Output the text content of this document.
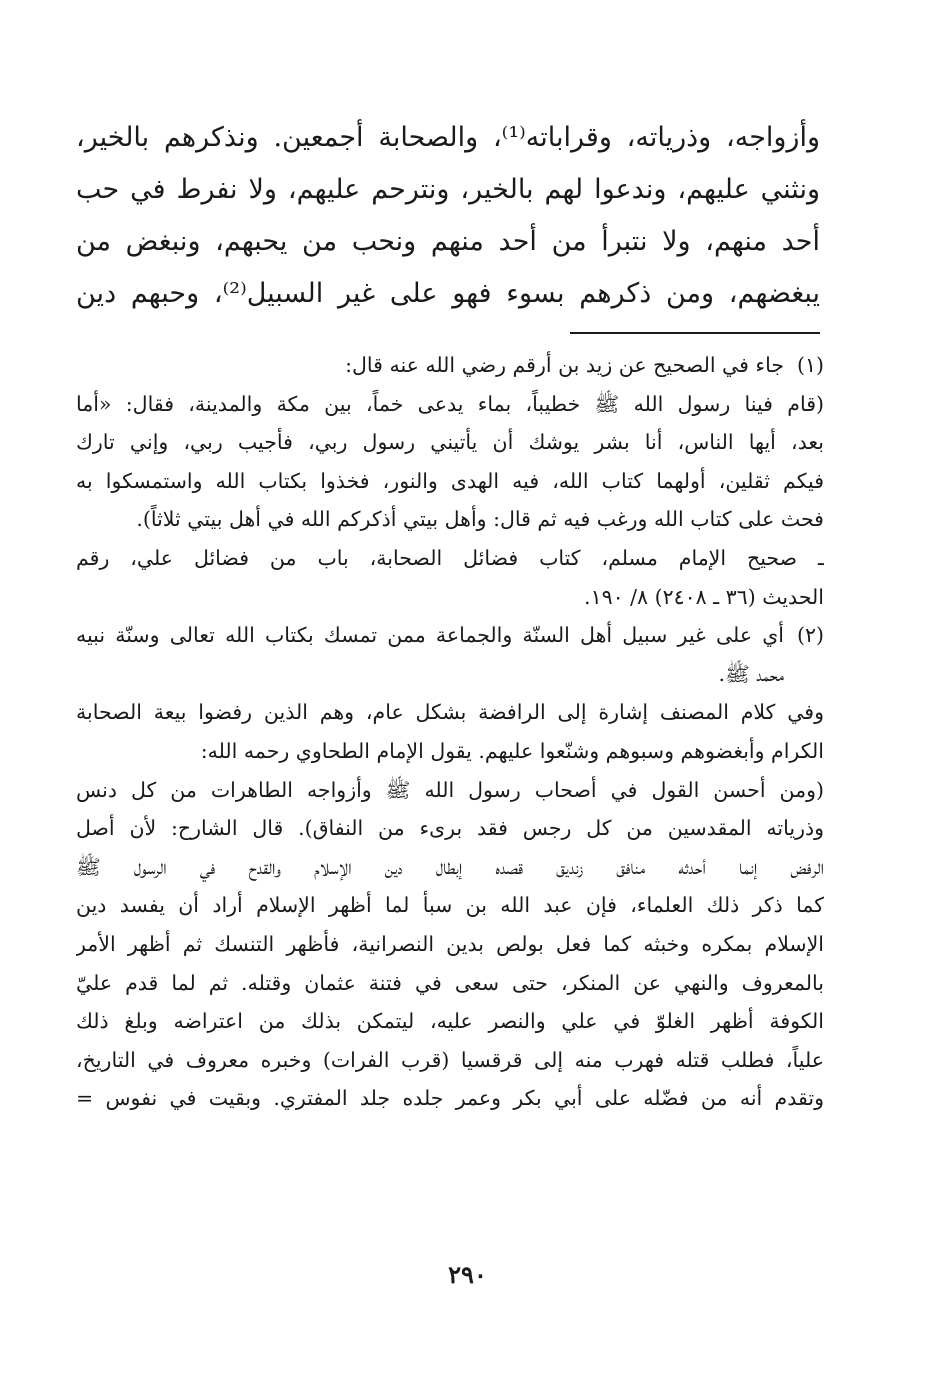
وأزواجه، وذرياته، وقراباته⁽¹⁾، والصحابة أجمعين. ونذكرهم بالخير،
ونثني عليهم، وندعوا لهم بالخير، ونترحم عليهم، ولا نفرط في حب
أحد منهم، ولا نتبرأ من أحد منهم ونحب من يحبهم، ونبغض من
يبغضهم، ومن ذكرهم بسوء فهو على غير السبيل⁽²⁾، وحبهم دين
(١)
جاء في الصحيح عن زيد بن أرقم رضي الله عنه قال:
(قام فينا رسول الله ﷺ خطيباً، بماء يدعى خماً، بين مكة والمدينة، فقال: «أما
بعد، أيها الناس، أنا بشر يوشك أن يأتيني رسول ربي، فأجيب ربي، وإني تارك
فيكم ثقلين، أولهما كتاب الله، فيه الهدى والنور، فخذوا بكتاب الله واستمسكوا به
فحث على كتاب الله ورغب فيه ثم قال: وأهل بيتي أذكركم الله في أهل بيتي ثلاثاً).
ـ صحيح الإمام مسلم، كتاب فضائل الصحابة، باب من فضائل علي، رقم
الحديث (٣٦ ـ ٢٤٠٨) ٨/ ١٩٠.
(٢)
أي على غير سبيل أهل السنّة والجماعة ممن تمسك بكتاب الله تعالى وسنّة نبيه
محمد ﷺ.
وفي كلام المصنف إشارة إلى الرافضة بشكل عام، وهم الذين رفضوا بيعة الصحابة
الكرام وأبغضوهم وسبوهم وشنّعوا عليهم. يقول الإمام الطحاوي رحمه الله:
(ومن أحسن القول في أصحاب رسول الله ﷺ وأزواجه الطاهرات من كل دنس
وذرياته المقدسين من كل رجس فقد برىء من النفاق). قال الشارح: لأن أصل
الرفض إنما أحدثه منافق زنديق قصده إبطال دين الإسلام والقدح في الرسول ﷺ
كما ذكر ذلك العلماء، فإن عبد الله بن سبأ لما أظهر الإسلام أراد أن يفسد دين
الإسلام بمكره وخبثه كما فعل بولص بدين النصرانية، فأظهر التنسك ثم أظهر الأمر
بالمعروف والنهي عن المنكر، حتى سعى في فتنة عثمان وقتله. ثم لما قدم عليّ
الكوفة أظهر الغلوّ في علي والنصر عليه، ليتمكن بذلك من اعتراضه وبلغ ذلك
علياً، فطلب قتله فهرب منه إلى قرقسيا (قرب الفرات) وخبره معروف في التاريخ،
وتقدم أنه من فضّله على أبي بكر وعمر جلده جلد المفتري. وبقيت في نفوس =
٢٩٠
